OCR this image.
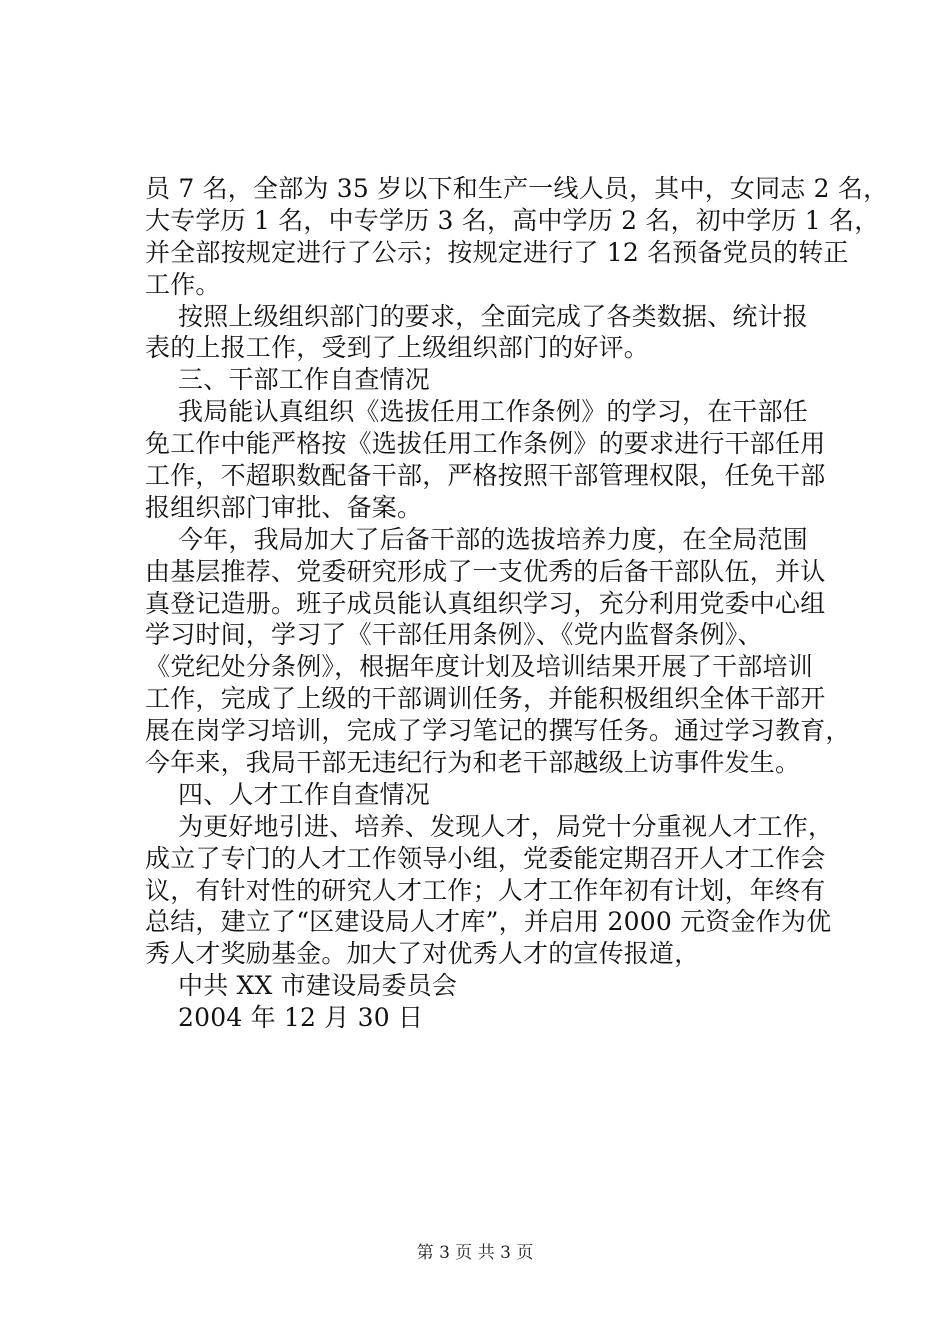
员 7 名，全部为 35 岁以下和生产一线人员，其中，女同志 2 名，
大专学历 1 名，中专学历 3 名，高中学历 2 名，初中学历 1 名，
并全部按规定进行了公示；按规定进行了 12 名预备党员的转正
工作。
按照上级组织部门的要求，全面完成了各类数据、统计报
表的上报工作，受到了上级组织部门的好评。
三、干部工作自查情况
我局能认真组织《选拔任用工作条例》的学习，在干部任
免工作中能严格按《选拔任用工作条例》的要求进行干部任用
工作，不超职数配备干部，严格按照干部管理权限，任免干部
报组织部门审批、备案。
今年，我局加大了后备干部的选拔培养力度，在全局范围
由基层推荐、党委研究形成了一支优秀的后备干部队伍，并认
真登记造册。班子成员能认真组织学习，充分利用党委中心组
学习时间，学习了《干部任用条例》、《党内监督条例》、
《党纪处分条例》，根据年度计划及培训结果开展了干部培训
工作，完成了上级的干部调训任务，并能积极组织全体干部开
展在岗学习培训，完成了学习笔记的撰写任务。通过学习教育，
今年来，我局干部无违纪行为和老干部越级上访事件发生。
四、人才工作自查情况
为更好地引进、培养、发现人才，局党十分重视人才工作，
成立了专门的人才工作领导小组，党委能定期召开人才工作会
议，有针对性的研究人才工作；人才工作年初有计划，年终有
总结，建立了“区建设局人才库”，并启用 2000 元资金作为优
秀人才奖励基金。加大了对优秀人才的宣传报道，
中共 XX 市建设局委员会
2004 年 12 月 30 日
第 3 页 共 3 页
